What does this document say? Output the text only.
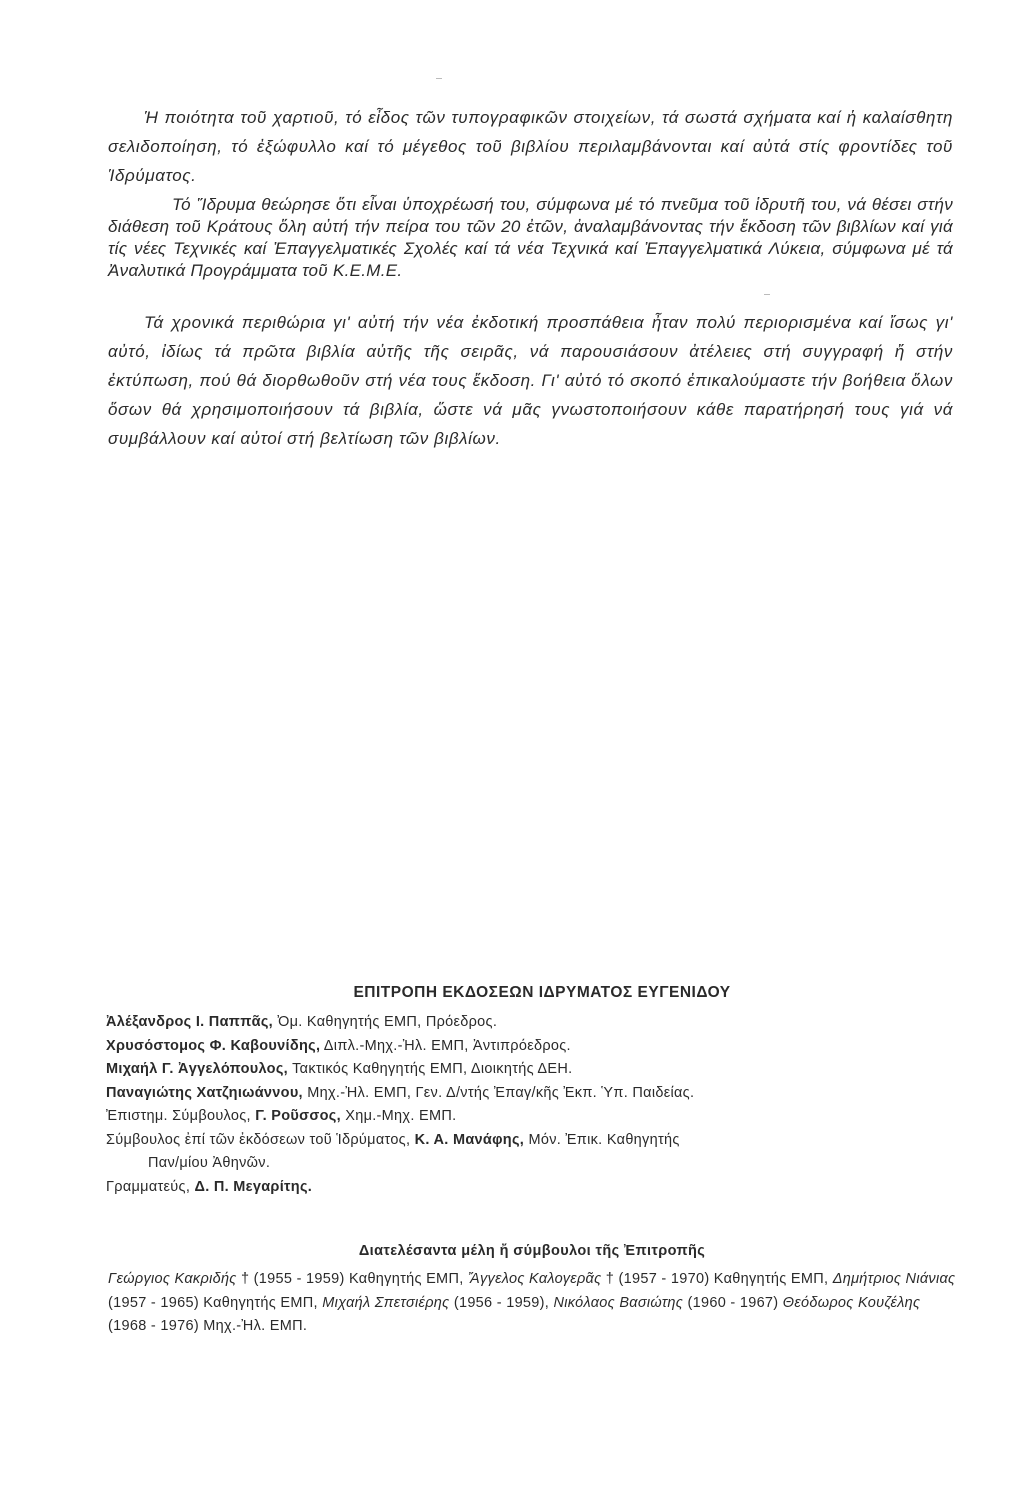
Ἡ ποιότητα τοῦ χαρτιοῦ, τό εἶδος τῶν τυπογραφικῶν στοιχείων, τά σωστά σχήματα καί ἡ καλαίσθητη σελιδοποίηση, τό ἐξώφυλλο καί τό μέγεθος τοῦ βιβλίου περιλαμβάνονται καί αὐτά στίς φροντίδες τοῦ Ἱδρύματος.

Τό Ἵδρυμα θεώρησε ὅτι εἶναι ὑποχρέωσή του, σύμφωνα μέ τό πνεῦμα τοῦ ἱδρυτῆ του, νά θέσει στήν διάθεση τοῦ Κράτους ὅλη αὐτή τήν πείρα του τῶν 20 ἐτῶν, ἀναλαμβάνοντας τήν ἔκδοση τῶν βιβλίων καί γιά τίς νέες Τεχνικές καί Ἐπαγγελματικές Σχολές καί τά νέα Τεχνικά καί Ἐπαγγελματικά Λύκεια, σύμφωνα μέ τά Ἀναλυτικά Προγράμματα τοῦ Κ.Ε.Μ.Ε.

Τά χρονικά περιθώρια γι' αὐτή τήν νέα ἐκδοτική προσπάθεια ἦταν πολύ περιορισμένα καί ἴσως γι' αὐτό, ἰδίως τά πρῶτα βιβλία αὐτῆς τῆς σειρᾶς, νά παρουσιάσουν ἀτέλειες στή συγγραφή ἤ στήν ἐκτύπωση, πού θά διορθωθοῦν στή νέα τους ἔκδοση. Γι' αὐτό τό σκοπό ἐπικαλούμαστε τήν βοήθεια ὅλων ὅσων θά χρησιμοποιήσουν τά βιβλία, ὥστε νά μᾶς γνωστοποιήσουν κάθε παρατήρησή τους γιά νά συμβάλλουν καί αὐτοί στή βελτίωση τῶν βιβλίων.

ΕΠΙΤΡΟΠΗ ΕΚΔΟΣΕΩΝ ΙΔΡΥΜΑΤΟΣ ΕΥΓΕΝΙΔΟΥ
Ἀλέξανδρος Ι. Παππᾶς, Ὀμ. Καθηγητής ΕΜΠ, Πρόεδρος.
Χρυσόστομος Φ. Καβουνίδης, Διπλ.-Μηχ.-Ἠλ. ΕΜΠ, Ἀντιπρόεδρος.
Μιχαήλ Γ. Ἀγγελόπουλος, Τακτικός Καθηγητής ΕΜΠ, Διοικητής ΔΕΗ.
Παναγιώτης Χατζηιωάννου, Μηχ.-Ἠλ. ΕΜΠ, Γεν. Δ/ντής Ἐπαγ/κῆς Ἐκπ. Ὑπ. Παιδείας.
Ἐπιστημ. Σύμβουλος, Γ. Ροῦσσος, Χημ.-Μηχ. ΕΜΠ.
Σύμβουλος ἐπί τῶν ἐκδόσεων τοῦ Ἱδρύματος, Κ. Α. Μανάφης, Μόν. Ἐπικ. Καθηγητής
Παν/μίου Ἀθηνῶν.
Γραμματεύς, Δ. Π. Μεγαρίτης.
Διατελέσαντα μέλη ἤ σύμβουλοι τῆς Ἐπιτροπῆς

Γεώργιος Κακριδής † (1955 - 1959) Καθηγητής ΕΜΠ, Ἄγγελος Καλογερᾶς † (1957 - 1970) Καθηγητής ΕΜΠ, Δημήτριος Νιάνιας (1957 - 1965) Καθηγητής ΕΜΠ, Μιχαήλ Σπετσιέρης (1956 - 1959), Νικόλαος Βασιώτης (1960 - 1967) Θεόδωρος Κουζέλης (1968 - 1976) Μηχ.-Ἠλ. ΕΜΠ.
